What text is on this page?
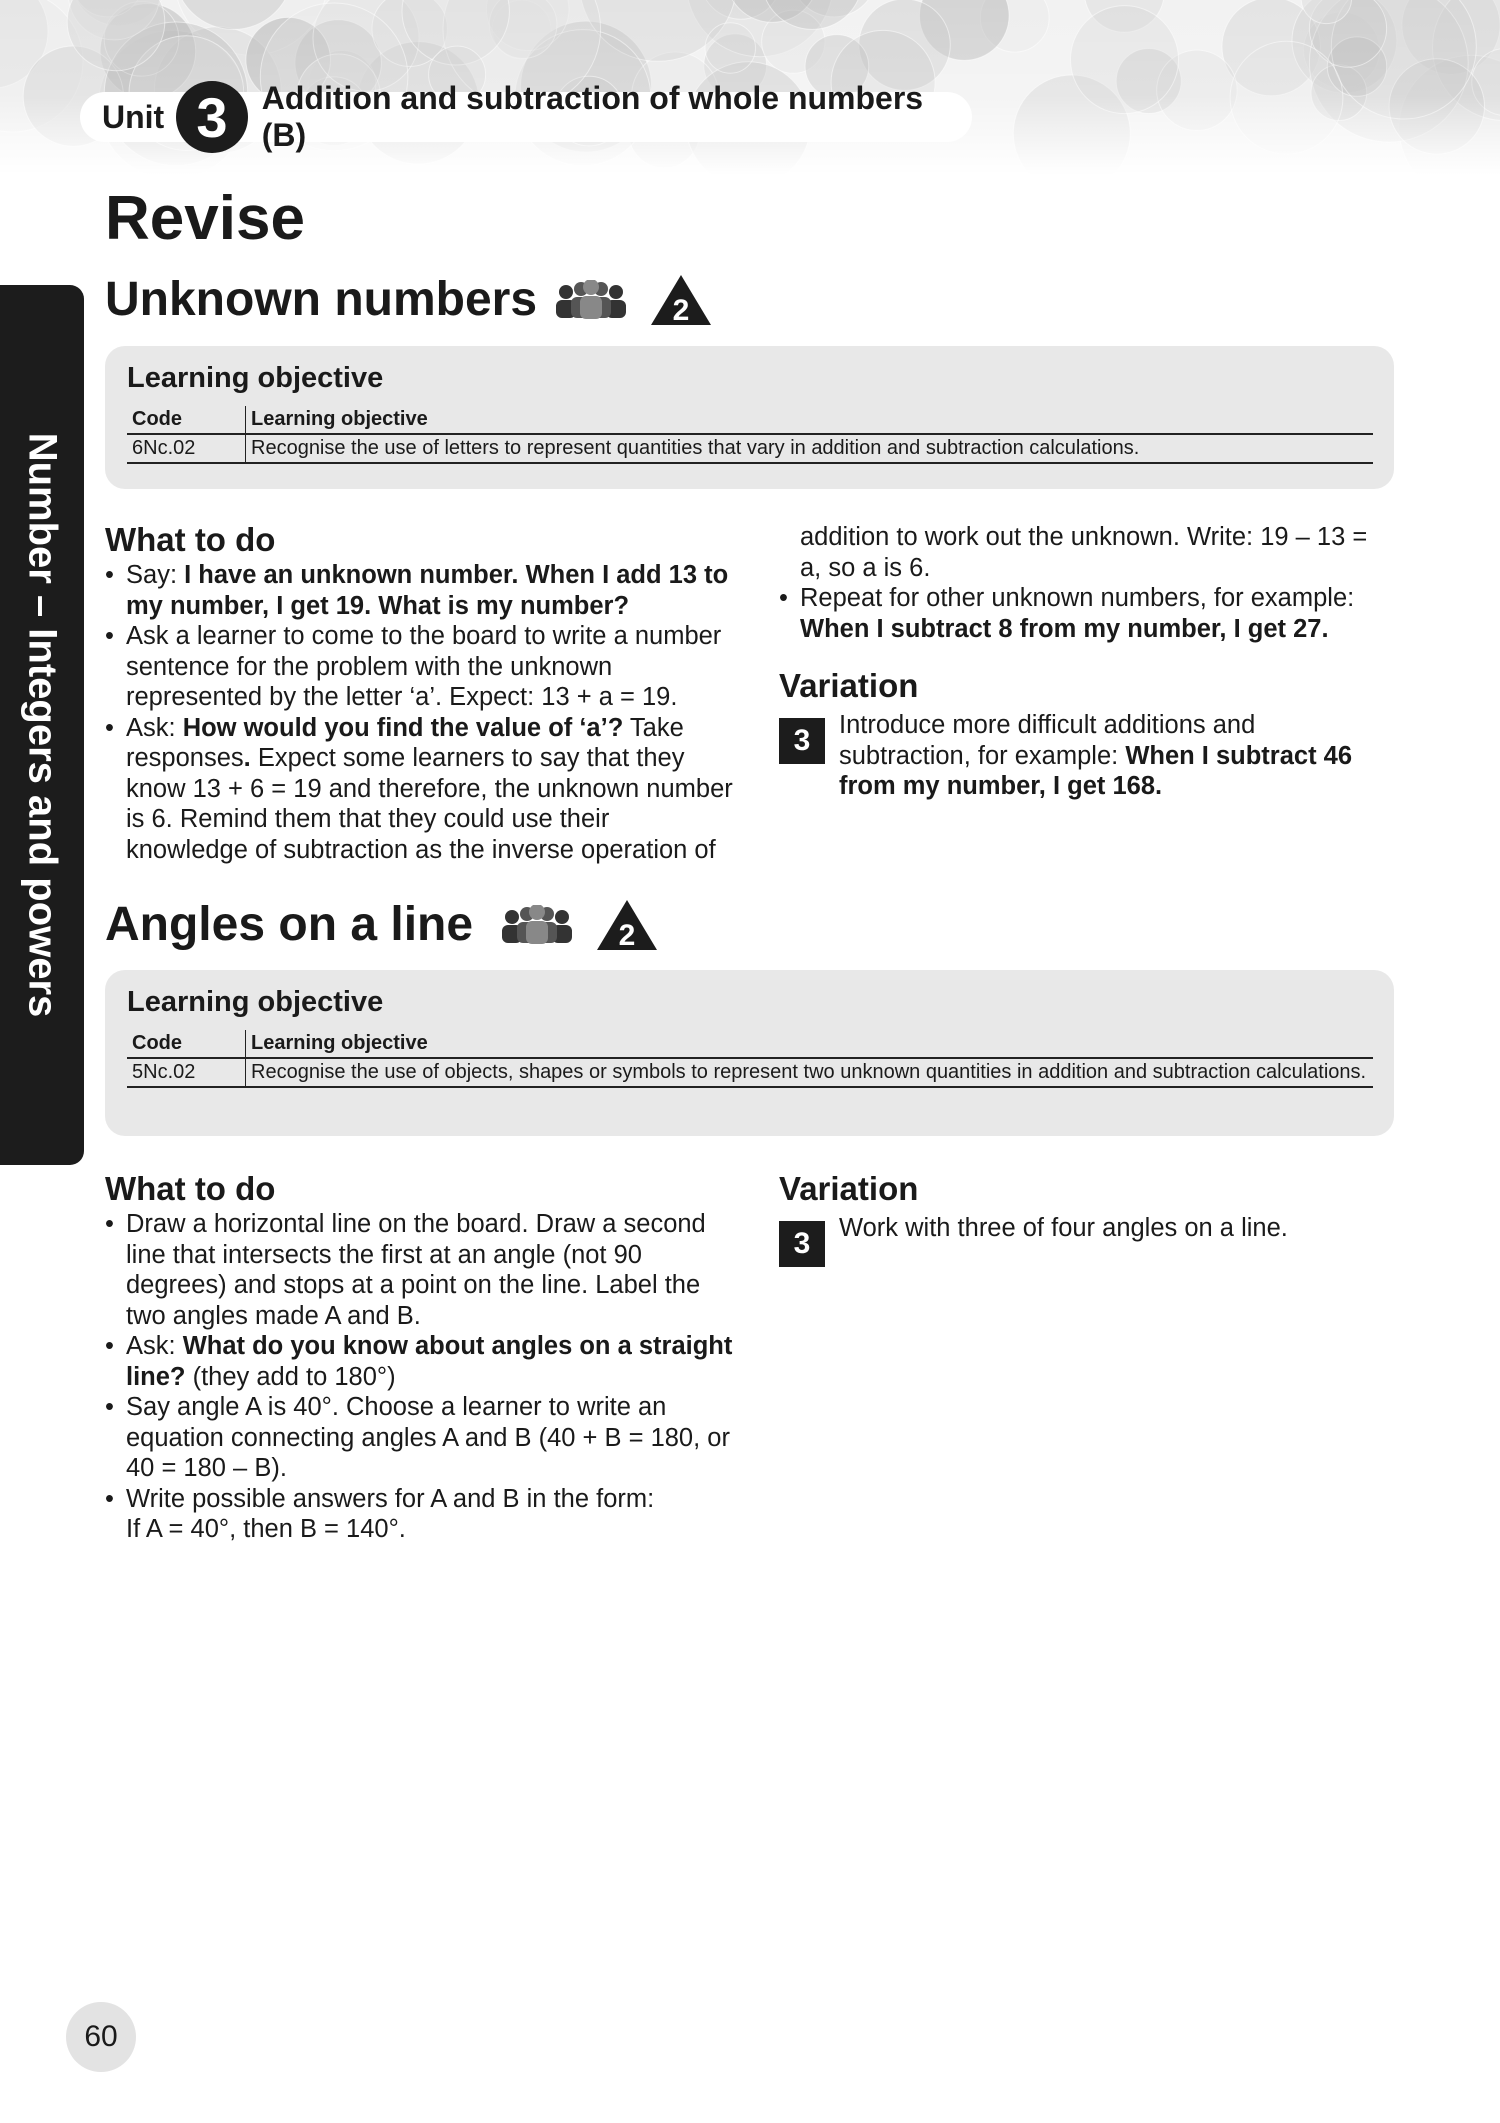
Unit 3	Addition and subtraction of whole numbers (B)
Number – Integers and powers
Revise
Unknown numbers	2
Learning objective
Code	Learning objective
6Nc.02	Recognise the use of letters to represent quantities that vary in addition and subtraction calculations.
What to do
• Say: I have an unknown number. When I add 13 to my number, I get 19. What is my number?
• Ask a learner to come to the board to write a number sentence for the problem with the unknown represented by the letter ‘a’. Expect: 13 + a = 19.
• Ask: How would you find the value of ‘a’? Take responses. Expect some learners to say that they know 13 + 6 = 19 and therefore, the unknown number is 6. Remind them that they could use their knowledge of subtraction as the inverse operation of
addition to work out the unknown. Write: 19 – 13 = a, so a is 6.
• Repeat for other unknown numbers, for example: When I subtract 8 from my number, I get 27.
Variation
3	Introduce more difficult additions and subtraction, for example: When I subtract 46 from my number, I get 168.
Angles on a line	2
Learning objective
Code	Learning objective
5Nc.02	Recognise the use of objects, shapes or symbols to represent two unknown quantities in addition and subtraction calculations.
What to do
• Draw a horizontal line on the board. Draw a second line that intersects the first at an angle (not 90 degrees) and stops at a point on the line. Label the two angles made A and B.
• Ask: What do you know about angles on a straight line? (they add to 180°)
• Say angle A is 40°. Choose a learner to write an equation connecting angles A and B (40 + B = 180, or 40 = 180 – B).
• Write possible answers for A and B in the form:
If A = 40°, then B = 140°.
Variation
3	Work with three of four angles on a line.
60
